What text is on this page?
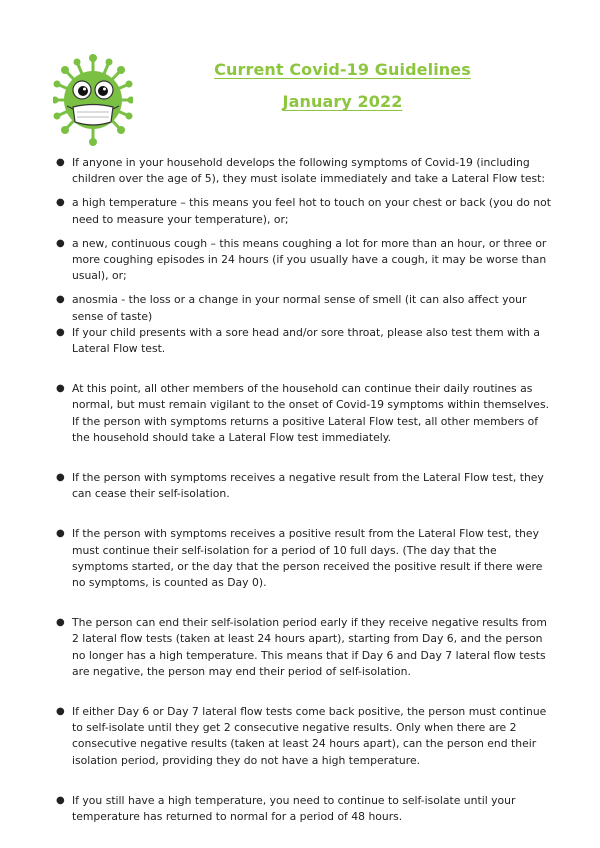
Current Covid-19 Guidelines
January 2022
● If anyone in your household develops the following symptoms of Covid-19 (including children over the age of 5), they must isolate immediately and take a Lateral Flow test:
● a high temperature – this means you feel hot to touch on your chest or back (you do not need to measure your temperature), or;
● a new, continuous cough – this means coughing a lot for more than an hour, or three or more coughing episodes in 24 hours (if you usually have a cough, it may be worse than usual), or;
● anosmia - the loss or a change in your normal sense of smell (it can also affect your sense of taste)
● If your child presents with a sore head and/or sore throat, please also test them with a Lateral Flow test.
● At this point, all other members of the household can continue their daily routines as normal, but must remain vigilant to the onset of Covid-19 symptoms within themselves. If the person with symptoms returns a positive Lateral Flow test, all other members of the household should take a Lateral Flow test immediately.
● If the person with symptoms receives a negative result from the Lateral Flow test, they can cease their self-isolation.
● If the person with symptoms receives a positive result from the Lateral Flow test, they must continue their self-isolation for a period of 10 full days. (The day that the symptoms started, or the day that the person received the positive result if there were no symptoms, is counted as Day 0).
● The person can end their self-isolation period early if they receive negative results from 2 lateral flow tests (taken at least 24 hours apart), starting from Day 6, and the person no longer has a high temperature. This means that if Day 6 and Day 7 lateral flow tests are negative, the person may end their period of self-isolation.
● If either Day 6 or Day 7 lateral flow tests come back positive, the person must continue to self-isolate until they get 2 consecutive negative results. Only when there are 2 consecutive negative results (taken at least 24 hours apart), can the person end their isolation period, providing they do not have a high temperature.
● If you still have a high temperature, you need to continue to self-isolate until your temperature has returned to normal for a period of 48 hours.
